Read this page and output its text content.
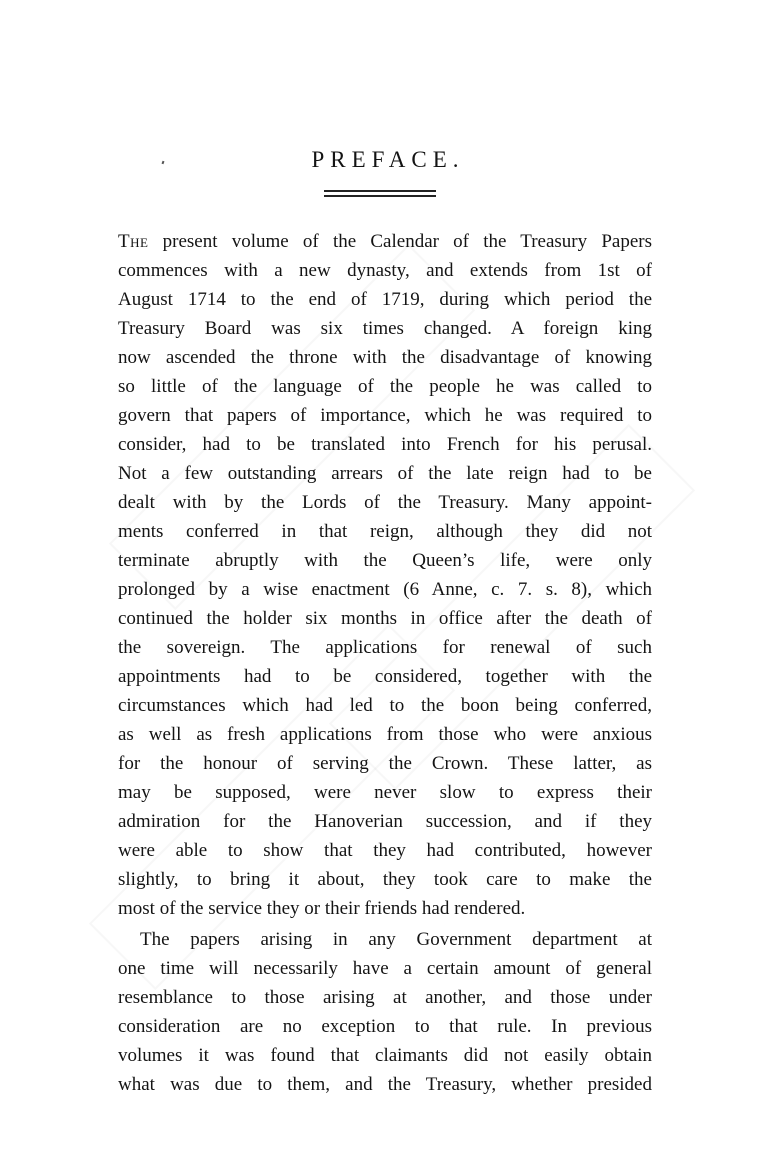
PREFACE.
The present volume of the Calendar of the Treasury Papers
commences with a new dynasty, and extends from 1st of
August 1714 to the end of 1719, during which period the
Treasury Board was six times changed. A foreign king
now ascended the throne with the disadvantage of knowing
so little of the language of the people he was called to
govern that papers of importance, which he was required to
consider, had to be translated into French for his perusal.
Not a few outstanding arrears of the late reign had to be
dealt with by the Lords of the Treasury. Many appoint-
ments conferred in that reign, although they did not
terminate abruptly with the Queen’s life, were only
prolonged by a wise enactment (6 Anne, c. 7. s. 8), which
continued the holder six months in office after the death of
the sovereign. The applications for renewal of such
appointments had to be considered, together with the
circumstances which had led to the boon being conferred,
as well as fresh applications from those who were anxious
for the honour of serving the Crown. These latter, as
may be supposed, were never slow to express their
admiration for the Hanoverian succession, and if they
were able to show that they had contributed, however
slightly, to bring it about, they took care to make the
most of the service they or their friends had rendered.
The papers arising in any Government department at
one time will necessarily have a certain amount of general
resemblance to those arising at another, and those under
consideration are no exception to that rule. In previous
volumes it was found that claimants did not easily obtain
what was due to them, and the Treasury, whether presided
